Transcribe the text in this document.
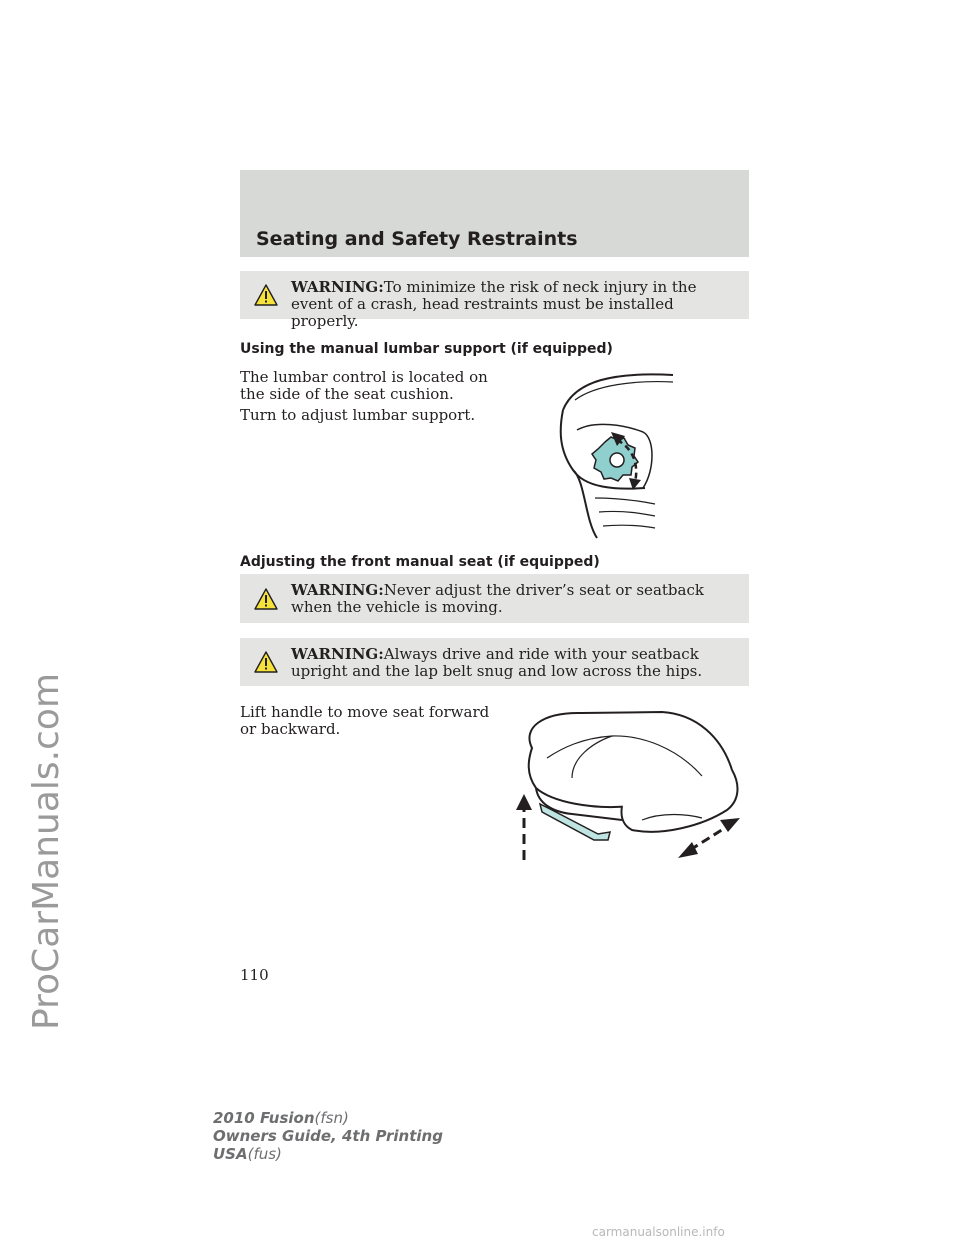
ProCarManuals.com
Seating and Safety Restraints
WARNING:To minimize the risk of neck injury in the event of a crash, head restraints must be installed properly.
Using the manual lumbar support (if equipped)
The lumbar control is located on the side of the seat cushion.
Turn to adjust lumbar support.
Adjusting the front manual seat (if equipped)
WARNING:Never adjust the driver’s seat or seatback when the vehicle is moving.
WARNING:Always drive and ride with your seatback upright and the lap belt snug and low across the hips.
Lift handle to move seat forward or backward.
110
2010 Fusion(fsn)
Owners Guide, 4th Printing
USA(fus)
carmanualsonline.info
